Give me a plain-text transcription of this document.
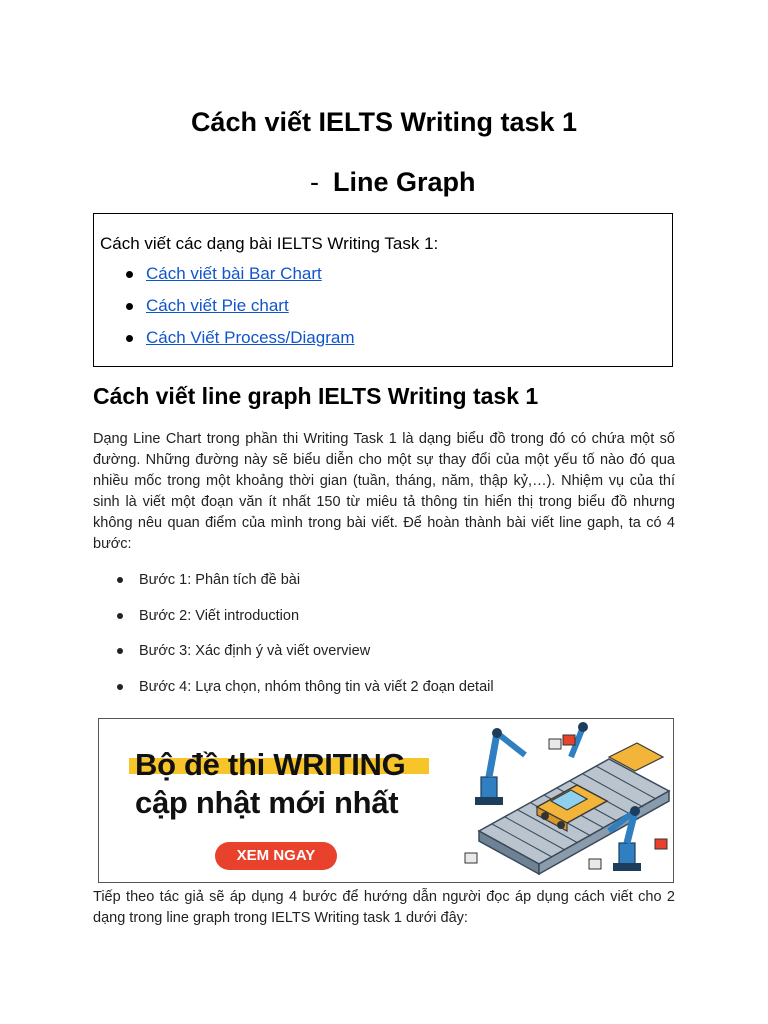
Cách viết IELTS Writing task 1
- Line Graph
Cách viết các dạng bài IELTS Writing Task 1:
Cách viết bài Bar Chart
Cách viết Pie chart
Cách Viết Process/Diagram
Cách viết line graph IELTS Writing task 1

Dạng Line Chart trong phần thi Writing Task 1 là dạng biểu đồ trong đó có chứa một số đường. Những đường này sẽ biểu diễn cho một sự thay đổi của một yếu tố nào đó qua nhiều mốc trong một khoảng thời gian (tuần, tháng, năm, thập kỷ,…). Nhiệm vụ của thí sinh là viết một đoạn văn ít nhất 150 từ miêu tả thông tin hiển thị trong biểu đồ nhưng không nêu quan điểm của mình trong bài viết. Để hoàn thành bài viết line gaph, ta có 4 bước:

Bước 1: Phân tích đề bài
Bước 2: Viết introduction
Bước 3: Xác định ý và viết overview
Bước 4: Lựa chọn, nhóm thông tin và viết 2 đoạn detail
Bộ đề thi WRITING
cập nhật mới nhất
XEM NGAY

Tiếp theo tác giả sẽ áp dụng 4 bước để hướng dẫn người đọc áp dụng cách viết cho 2 dạng trong line graph trong IELTS Writing task 1 dưới đây:
